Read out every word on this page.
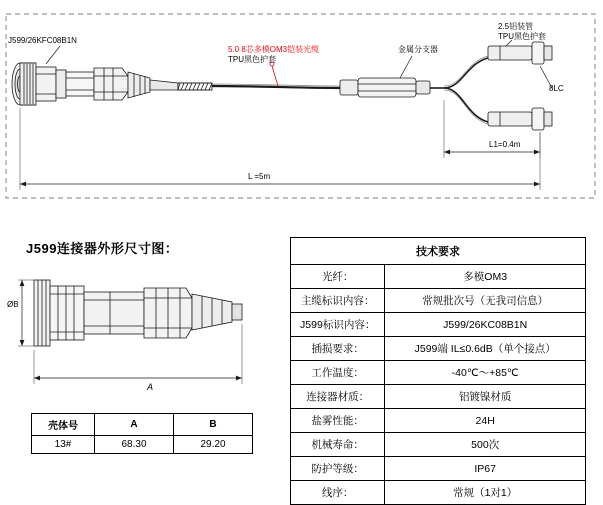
J599/26KFC08B1N
5.0 8芯多模OM3铠装光缆
TPU黑色护套
金属分支器
2.5铝装管
TPU黑色护套
8LC
L1=0.4m
L =5m
J599连接器外形尺寸图：
ØB
A
壳体号	A	B
13#	68.30	29.20
技术要求	
光纤：	多模OM3
主缆标识内容：	常规批次号（无我司信息）
J599标识内容：	J599/26KC08B1N
插损要求：	J599端 IL≤0.6dB（单个接点）
工作温度：	-40℃～+85℃
连接器材质：	铝镀镍材质
盐雾性能：	24H
机械寿命：	500次
防护等级：	IP67
线序：	常规（1对1）
